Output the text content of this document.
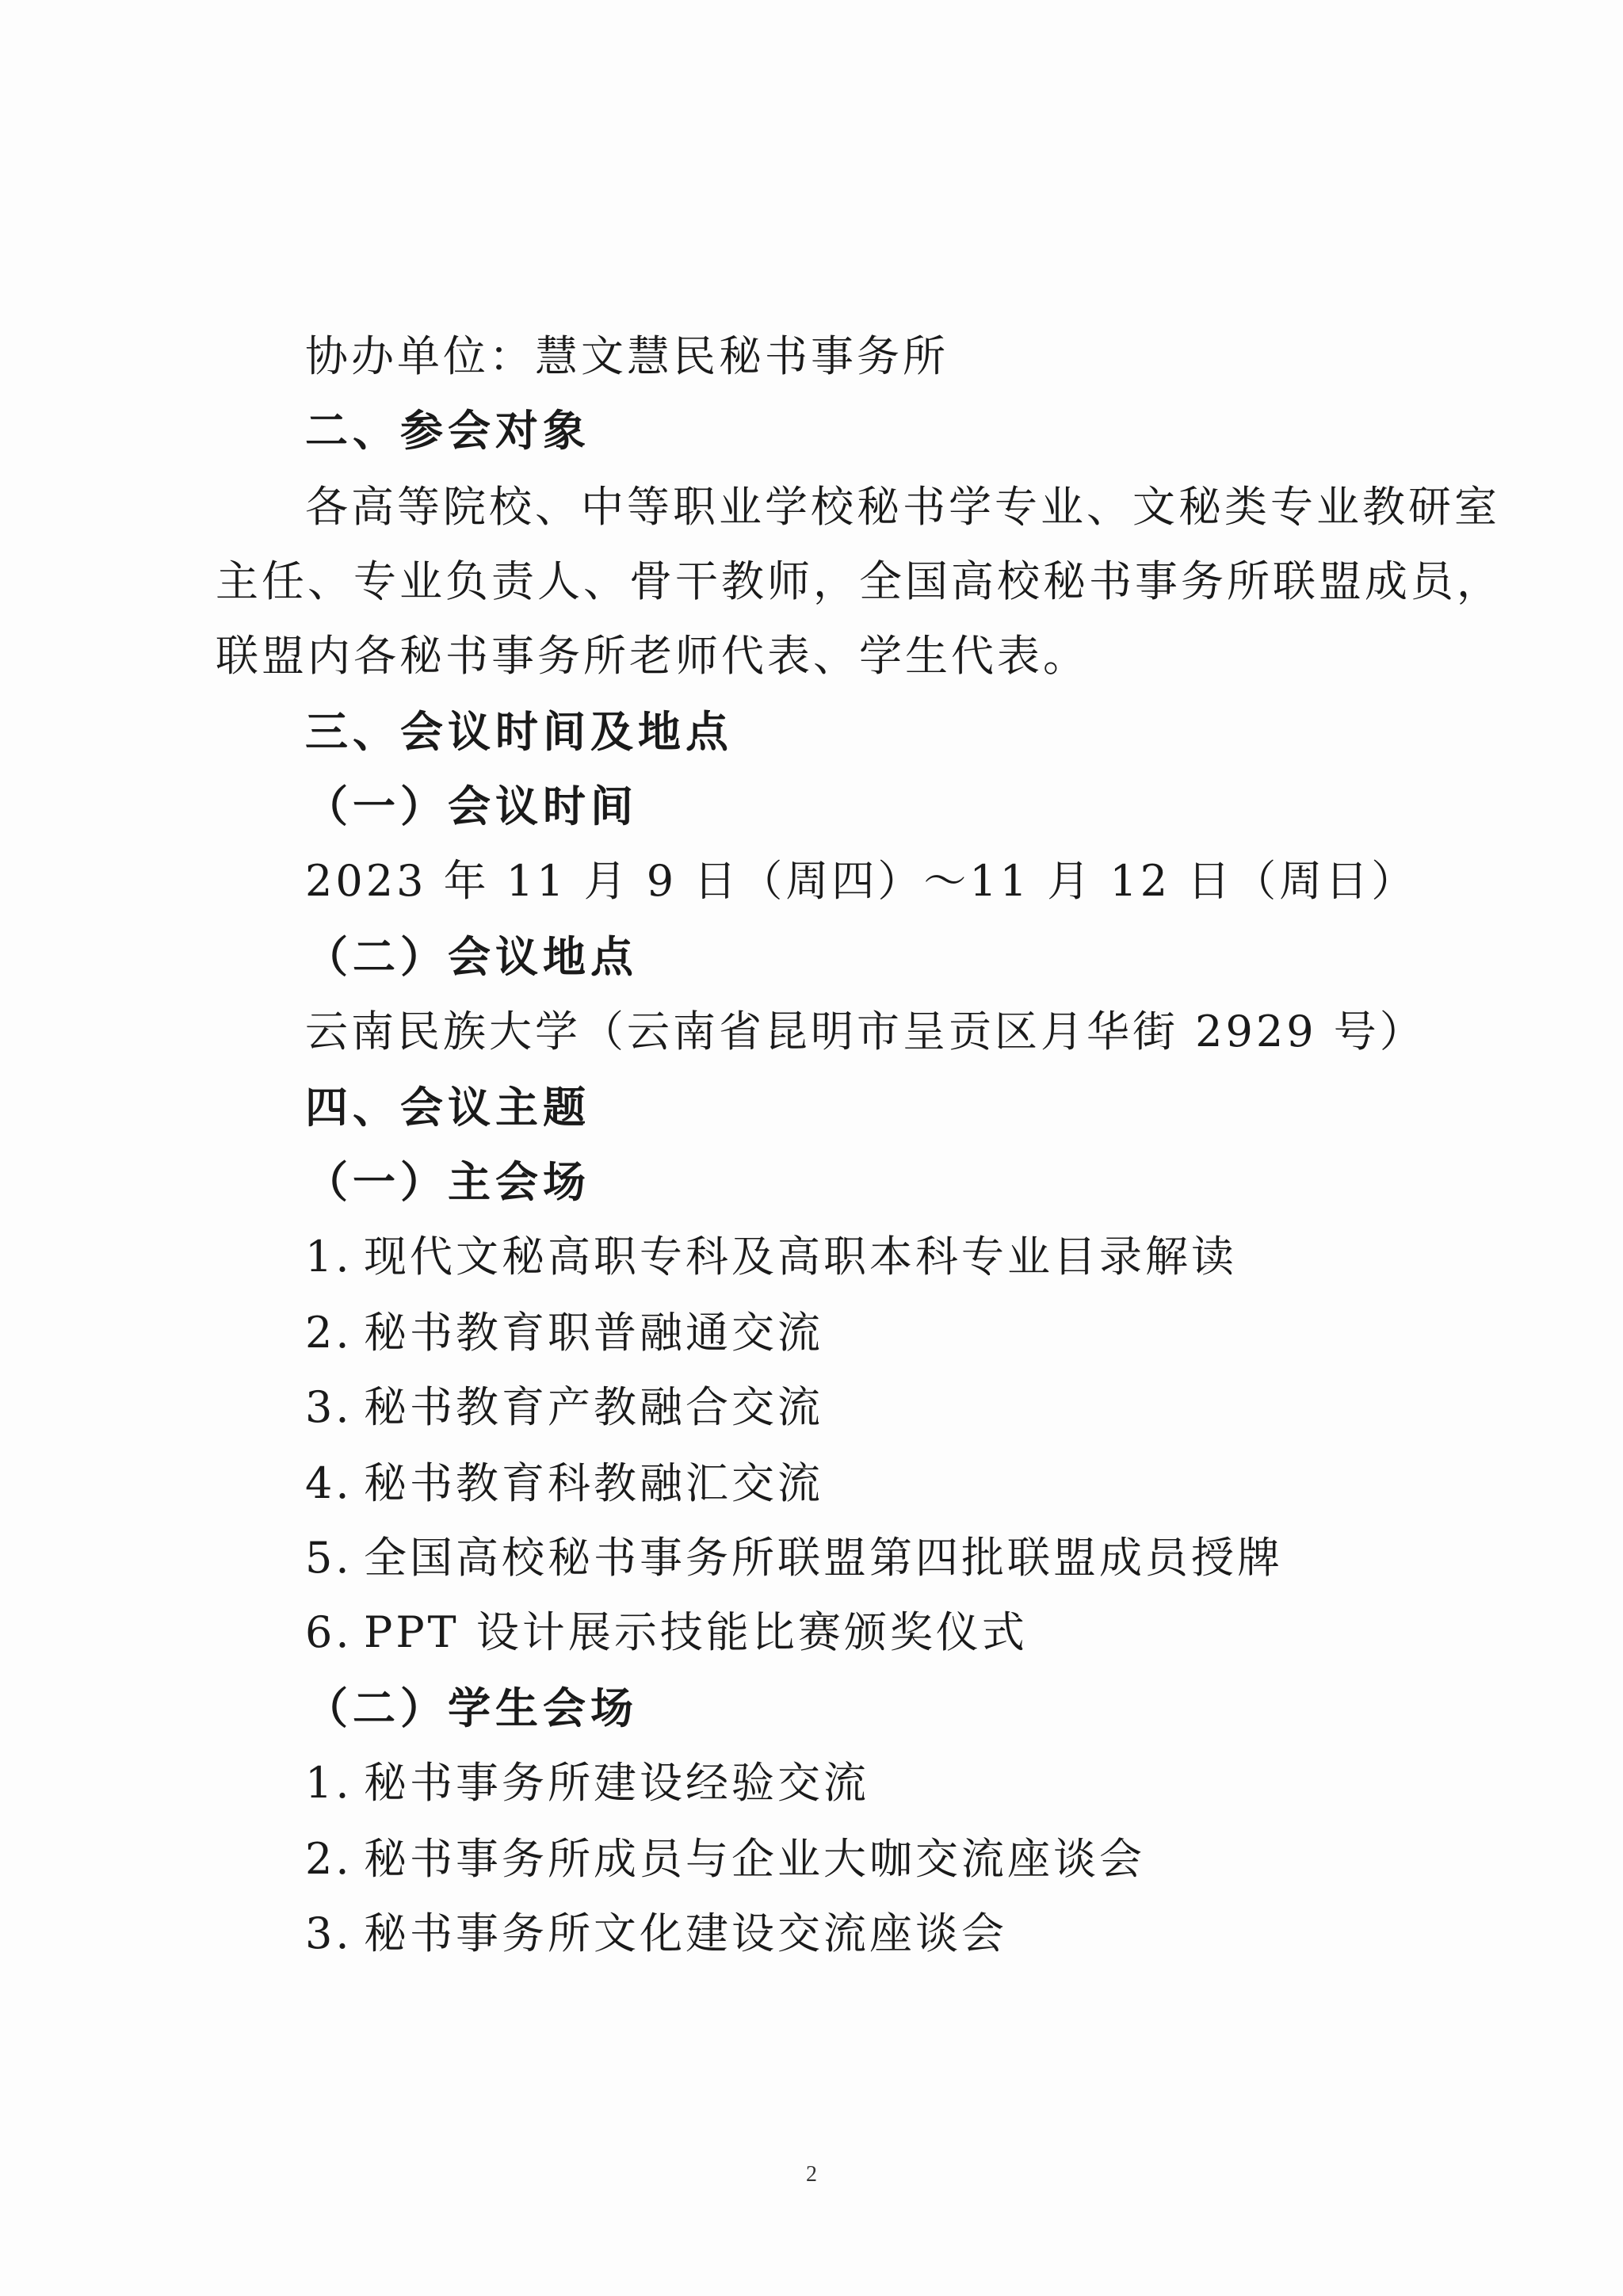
协办单位：慧文慧民秘书事务所
二、参会对象
各高等院校、中等职业学校秘书学专业、文秘类专业教研室
主任、专业负责人、骨干教师，全国高校秘书事务所联盟成员，
联盟内各秘书事务所老师代表、学生代表。
三、会议时间及地点
（一）会议时间
2023 年 11 月 9 日（周四）～11 月 12 日（周日）
（二）会议地点
云南民族大学（云南省昆明市呈贡区月华街 2929 号）
四、会议主题
（一）主会场
1. 现代文秘高职专科及高职本科专业目录解读
2. 秘书教育职普融通交流
3. 秘书教育产教融合交流
4. 秘书教育科教融汇交流
5. 全国高校秘书事务所联盟第四批联盟成员授牌
6. PPT 设计展示技能比赛颁奖仪式
（二）学生会场
1. 秘书事务所建设经验交流
2. 秘书事务所成员与企业大咖交流座谈会
3. 秘书事务所文化建设交流座谈会
2
